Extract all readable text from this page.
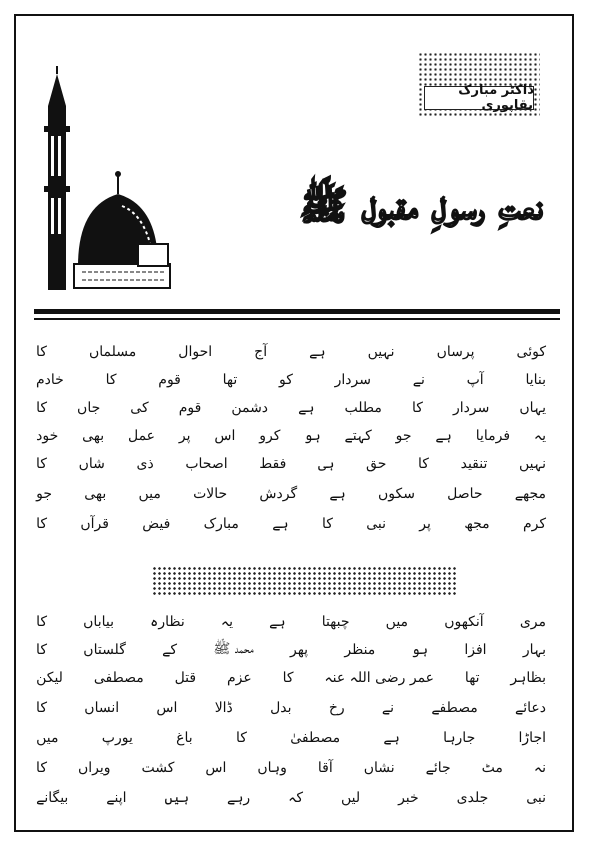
ڈاکٹر مبارک بقاپوری
نعتِ رسولِ مقبول ﷺ
کوئی
پرساں
نہیں
ہے
آج
احوال
مسلماں
کا
بنایا
آپ
نے
سردار
کو
تھا
قوم
کا
خادم
یہاں
سردار
کا
مطلب
ہے
دشمن
قوم
کی
جاں
کا
یہ
فرمایا
ہے
جو
کہتے
ہو
کرو
اس
پر
عمل
بھی
خود
نہیں
تنقید
کا
حق
ہی
فقط
اصحاب
ذی
شاں
کا
مجھے
حاصل
سکوں
ہے
گردش
حالات
میں
بھی
جو
کرم
مجھ
پر
نبی
کا
ہے
مبارک
فیض
قرآں
کا
مری
آنکھوں
میں
چبھتا
ہے
یہ
نظارہ
بیاباں
کا
بہار
افزا
ہو
منظر
پھر
محمد ﷺ
کے
گلستاں
کا
بظاہر
تھا
عمر رضی اللہ عنہ
کا
عزم
قتل
مصطفی
لیکن
دعائے
مصطفے
نے
رخ
بدل
ڈالا
اس
انساں
کا
اجاڑا
جارہا
ہے
مصطفیٰ
کا
باغ
یورپ
میں
نہ
مٹ
جائے
نشاں
آقا
وہاں
اس
کشت
ویراں
کا
نبی
جلدی
خبر
لیں
کہ
رہے
ہیں
اپنے
بیگانے
